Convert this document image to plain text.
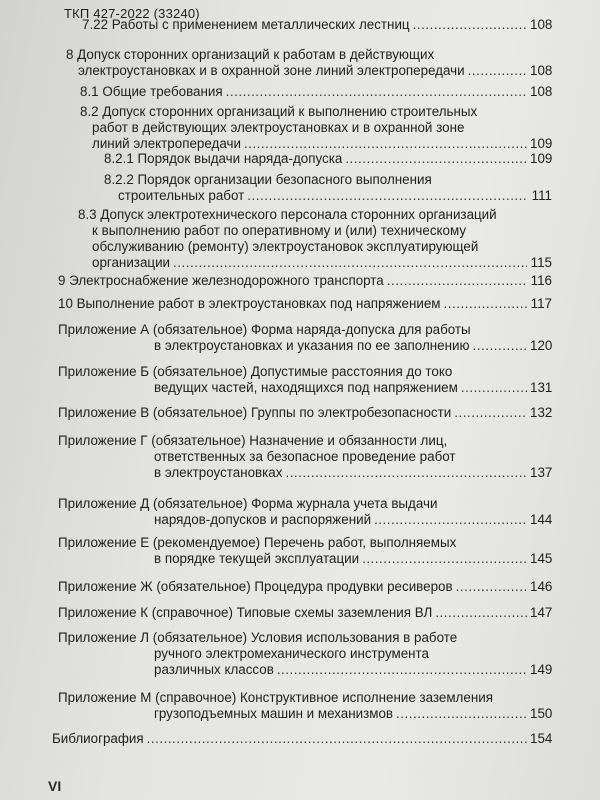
ТКП 427-2022 (33240)
7.22 Работы с применением металлических лестниц . . .	108
8 Допуск сторонних организаций к работам в действующих
электроустановках и в охранной зоне линий электропередачи . . .	108
8.1 Общие требования . . .	108
8.2 Допуск сторонних организаций к выполнению строительных
работ в действующих электроустановках и в охранной зоне
линий электропередачи . . .	109
8.2.1 Порядок выдачи наряда-допуска . . .	109
8.2.2 Порядок организации безопасного выполнения
строительных работ . . .	111
8.3 Допуск электротехнического персонала сторонних организаций
к выполнению работ по оперативному и (или) техническому
обслуживанию (ремонту) электроустановок эксплуатирующей
организации . . .	115
9 Электроснабжение железнодорожного транспорта . . .	116
10 Выполнение работ в электроустановках под напряжением . . .	117
Приложение А (обязательное) Форма наряда-допуска для работы
в электроустановках и указания по ее заполнению . . .	120
Приложение Б (обязательное) Допустимые расстояния до токо
ведущих частей, находящихся под напряжением . . .	131
Приложение В (обязательное) Группы по электробезопасности . . .	132
Приложение Г (обязательное) Назначение и обязанности лиц,
ответственных за безопасное проведение работ
в электроустановках . . .	137
Приложение Д (обязательное) Форма журнала учета выдачи
нарядов-допусков и распоряжений . . .	144
Приложение Е (рекомендуемое) Перечень работ, выполняемых
в порядке текущей эксплуатации . . .	145
Приложение Ж (обязательное) Процедура продувки ресиверов . . .	146
Приложение К (справочное) Типовые схемы заземления ВЛ . . .	147
Приложение Л (обязательное) Условия использования в работе
ручного электромеханического инструмента
различных классов . . .	149
Приложение М (справочное) Конструктивное исполнение заземления
грузоподъемных машин и механизмов . . .	150
Библиография . . .	154
VI
